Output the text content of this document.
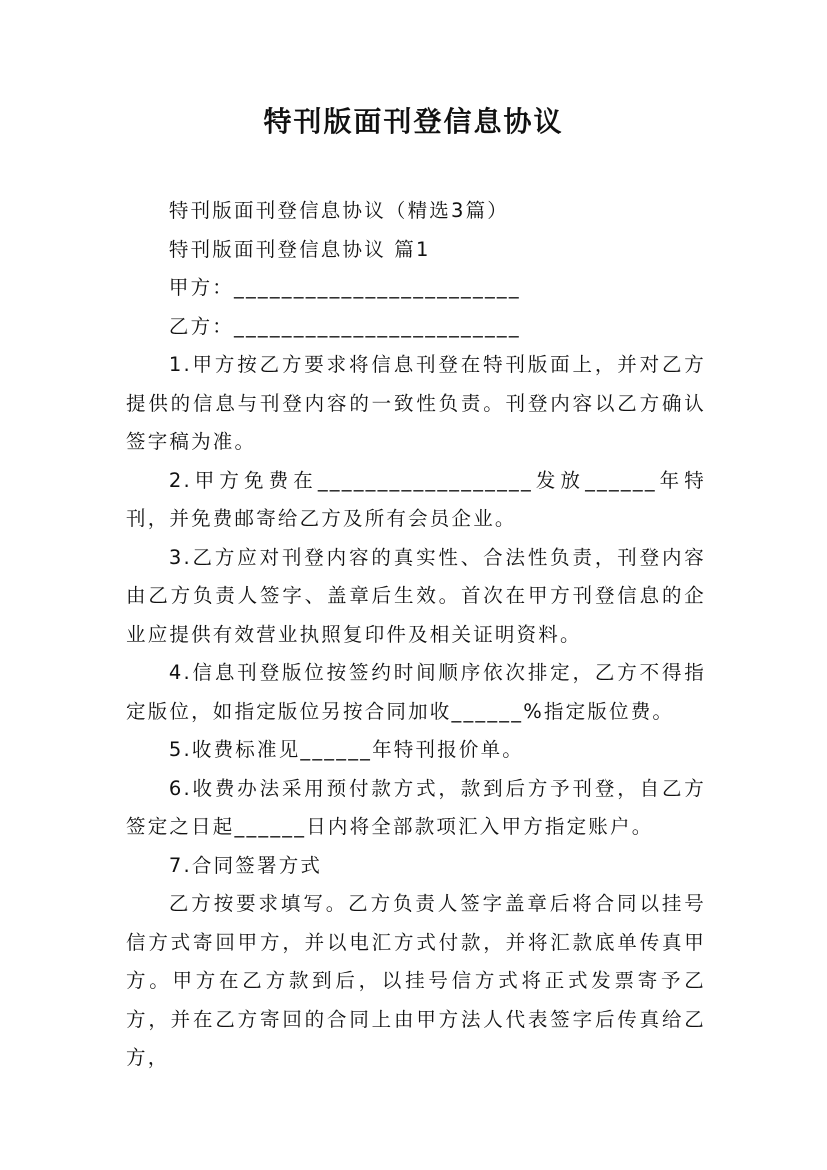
特刊版面刊登信息协议

特刊版面刊登信息协议（精选3篇）

特刊版面刊登信息协议 篇1

甲方：________________________

乙方：________________________

1.甲方按乙方要求将信息刊登在特刊版面上，并对乙方提供的信息与刊登内容的一致性负责。刊登内容以乙方确认签字稿为准。

2.甲方免费在__________________发放______年特刊，并免费邮寄给乙方及所有会员企业。

3.乙方应对刊登内容的真实性、合法性负责，刊登内容由乙方负责人签字、盖章后生效。首次在甲方刊登信息的企业应提供有效营业执照复印件及相关证明资料。

4.信息刊登版位按签约时间顺序依次排定，乙方不得指定版位，如指定版位另按合同加收______%指定版位费。

5.收费标准见______年特刊报价单。

6.收费办法采用预付款方式，款到后方予刊登，自乙方签定之日起______日内将全部款项汇入甲方指定账户。

7.合同签署方式

乙方按要求填写。乙方负责人签字盖章后将合同以挂号信方式寄回甲方，并以电汇方式付款，并将汇款底单传真甲方。甲方在乙方款到后，以挂号信方式将正式发票寄予乙方，并在乙方寄回的合同上由甲方法人代表签字后传真给乙方，
